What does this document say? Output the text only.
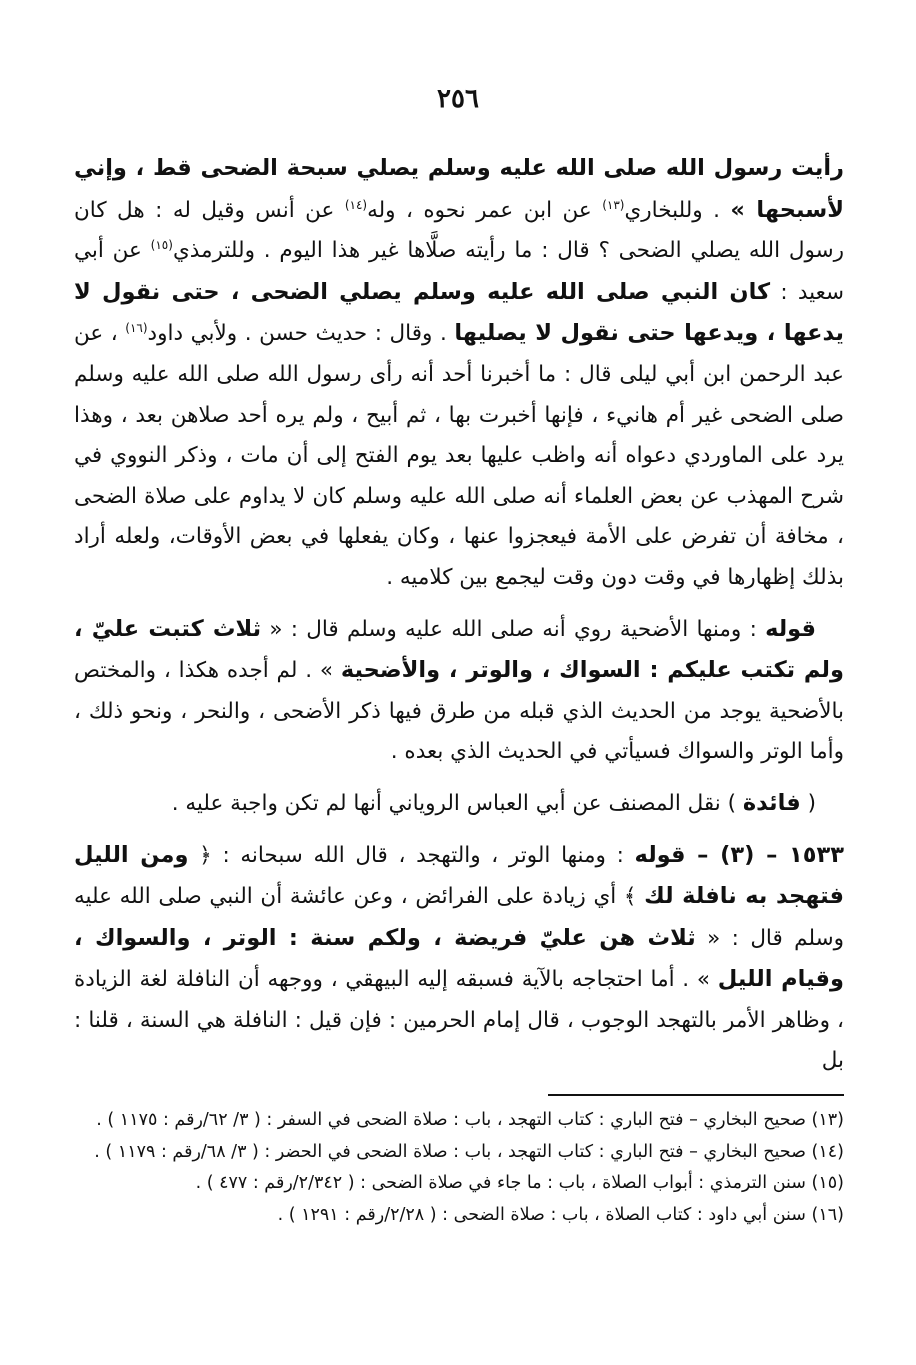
٢٥٦

رأيت رسول الله صلى الله عليه وسلم يصلي سبحة الضحى قط ، وإني لأسبحها » . وللبخاري$^{(١٣)}$ عن ابن عمر نحوه ، وله$^{(١٤)}$ عن أنس وقيل له : هل كان رسول الله يصلي الضحى ؟ قال : ما رأيته صلَّاها غير هذا اليوم . وللترمذي$^{(١٥)}$ عن أبي سعيد : كان النبي صلى الله عليه وسلم يصلي الضحى ، حتى نقول لا يدعها ، ويدعها حتى نقول لا يصليها . وقال : حديث حسن . ولأبي داود$^{(١٦)}$ ، عن عبد الرحمن ابن أبي ليلى قال : ما أخبرنا أحد أنه رأى رسول الله صلى الله عليه وسلم صلى الضحى غير أم هانيء ، فإنها أخبرت بها ، ثم أبيح ، ولم يره أحد صلاهن بعد ، وهذا يرد على الماوردي دعواه أنه واظب عليها بعد يوم الفتح إلى أن مات ، وذكر النووي في شرح المهذب عن بعض العلماء أنه صلى الله عليه وسلم كان لا يداوم على صلاة الضحى ، مخافة أن تفرض على الأمة فيعجزوا عنها ، وكان يفعلها في بعض الأوقات، ولعله أراد بذلك إظهارها في وقت دون وقت ليجمع بين كلاميه .

قوله : ومنها الأضحية روي أنه صلى الله عليه وسلم قال : « ثلاث كتبت عليّ ، ولم تكتب عليكم : السواك ، والوتر ، والأضحية » . لم أجده هكذا ، والمختص بالأضحية يوجد من الحديث الذي قبله من طرق فيها ذكر الأضحى ، والنحر ، ونحو ذلك ، وأما الوتر والسواك فسيأتي في الحديث الذي بعده .

( فائدة ) نقل المصنف عن أبي العباس الروياني أنها لم تكن واجبة عليه .

١٥٣٣ – (٣) – قوله : ومنها الوتر ، والتهجد ، قال الله سبحانه : ﴿ ومن الليل فتهجد به نافلة لك ﴾ أي زيادة على الفرائض ، وعن عائشة أن النبي صلى الله عليه وسلم قال : « ثلاث هن عليّ فريضة ، ولكم سنة : الوتر ، والسواك ، وقيام الليل » . أما احتجاجه بالآية فسبقه إليه البيهقي ، ووجهه أن النافلة لغة الزيادة ، وظاهر الأمر بالتهجد الوجوب ، قال إمام الحرمين : فإن قيل : النافلة هي السنة ، قلنا : بل

(١٣) صحيح البخاري – فتح الباري : كتاب التهجد ، باب : صلاة الضحى في السفر : ( ٣/ ٦٢/رقم : ١١٧٥ ) .

(١٤) صحيح البخاري – فتح الباري : كتاب التهجد ، باب : صلاة الضحى في الحضر : ( ٣/ ٦٨/رقم : ١١٧٩ ) .

(١٥) سنن الترمذي : أبواب الصلاة ، باب : ما جاء في صلاة الضحى : ( ٢/٣٤٢/رقم : ٤٧٧ ) .

(١٦) سنن أبي داود : كتاب الصلاة ، باب : صلاة الضحى : ( ٢/٢٨/رقم : ١٢٩١ ) .
